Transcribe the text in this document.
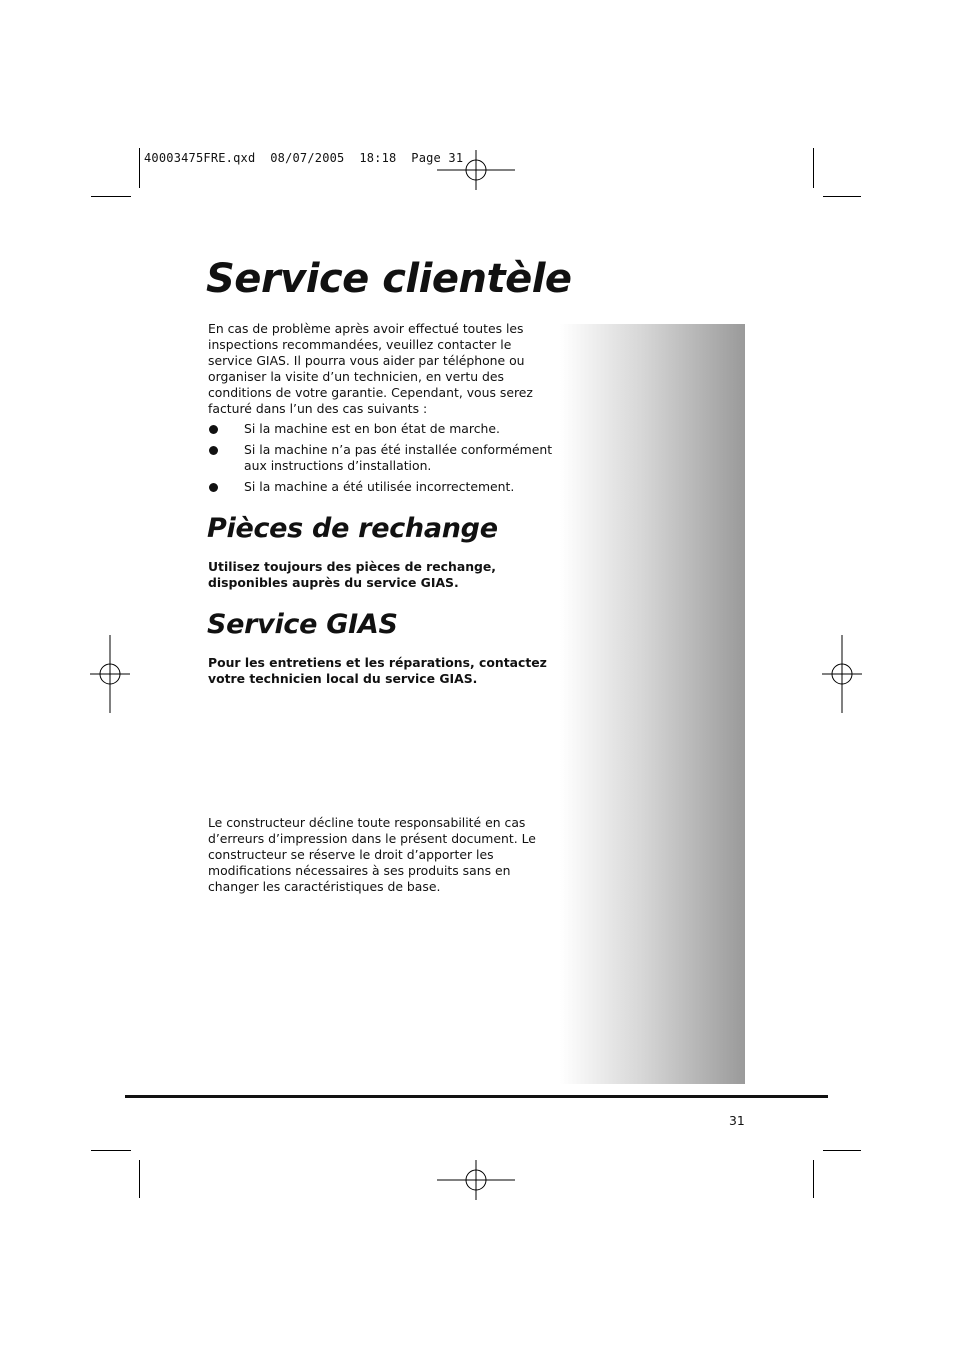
40003475FRE.qxd  08/07/2005  18:18  Page 31
Service clientèle

En cas de problème après avoir effectué toutes les inspections recommandées, veuillez contacter le service GIAS. Il pourra vous aider par téléphone ou organiser la visite d’un technicien, en vertu des conditions de votre garantie. Cependant, vous serez facturé dans l’un des cas suivants :

Si la machine est en bon état de marche.
Si la machine n’a pas été installée conformément aux instructions d’installation.
Si la machine a été utilisée incorrectement.
Pièces de rechange

Utilisez toujours des pièces de rechange, disponibles auprès du service GIAS.

Service GIAS

Pour les entretiens et les réparations, contactez votre technicien local du service GIAS.

Le constructeur décline toute responsabilité en cas d’erreurs d’impression dans le présent document. Le constructeur se réserve le droit d’apporter les modifications nécessaires à ses produits sans en changer les caractéristiques de base.

31
